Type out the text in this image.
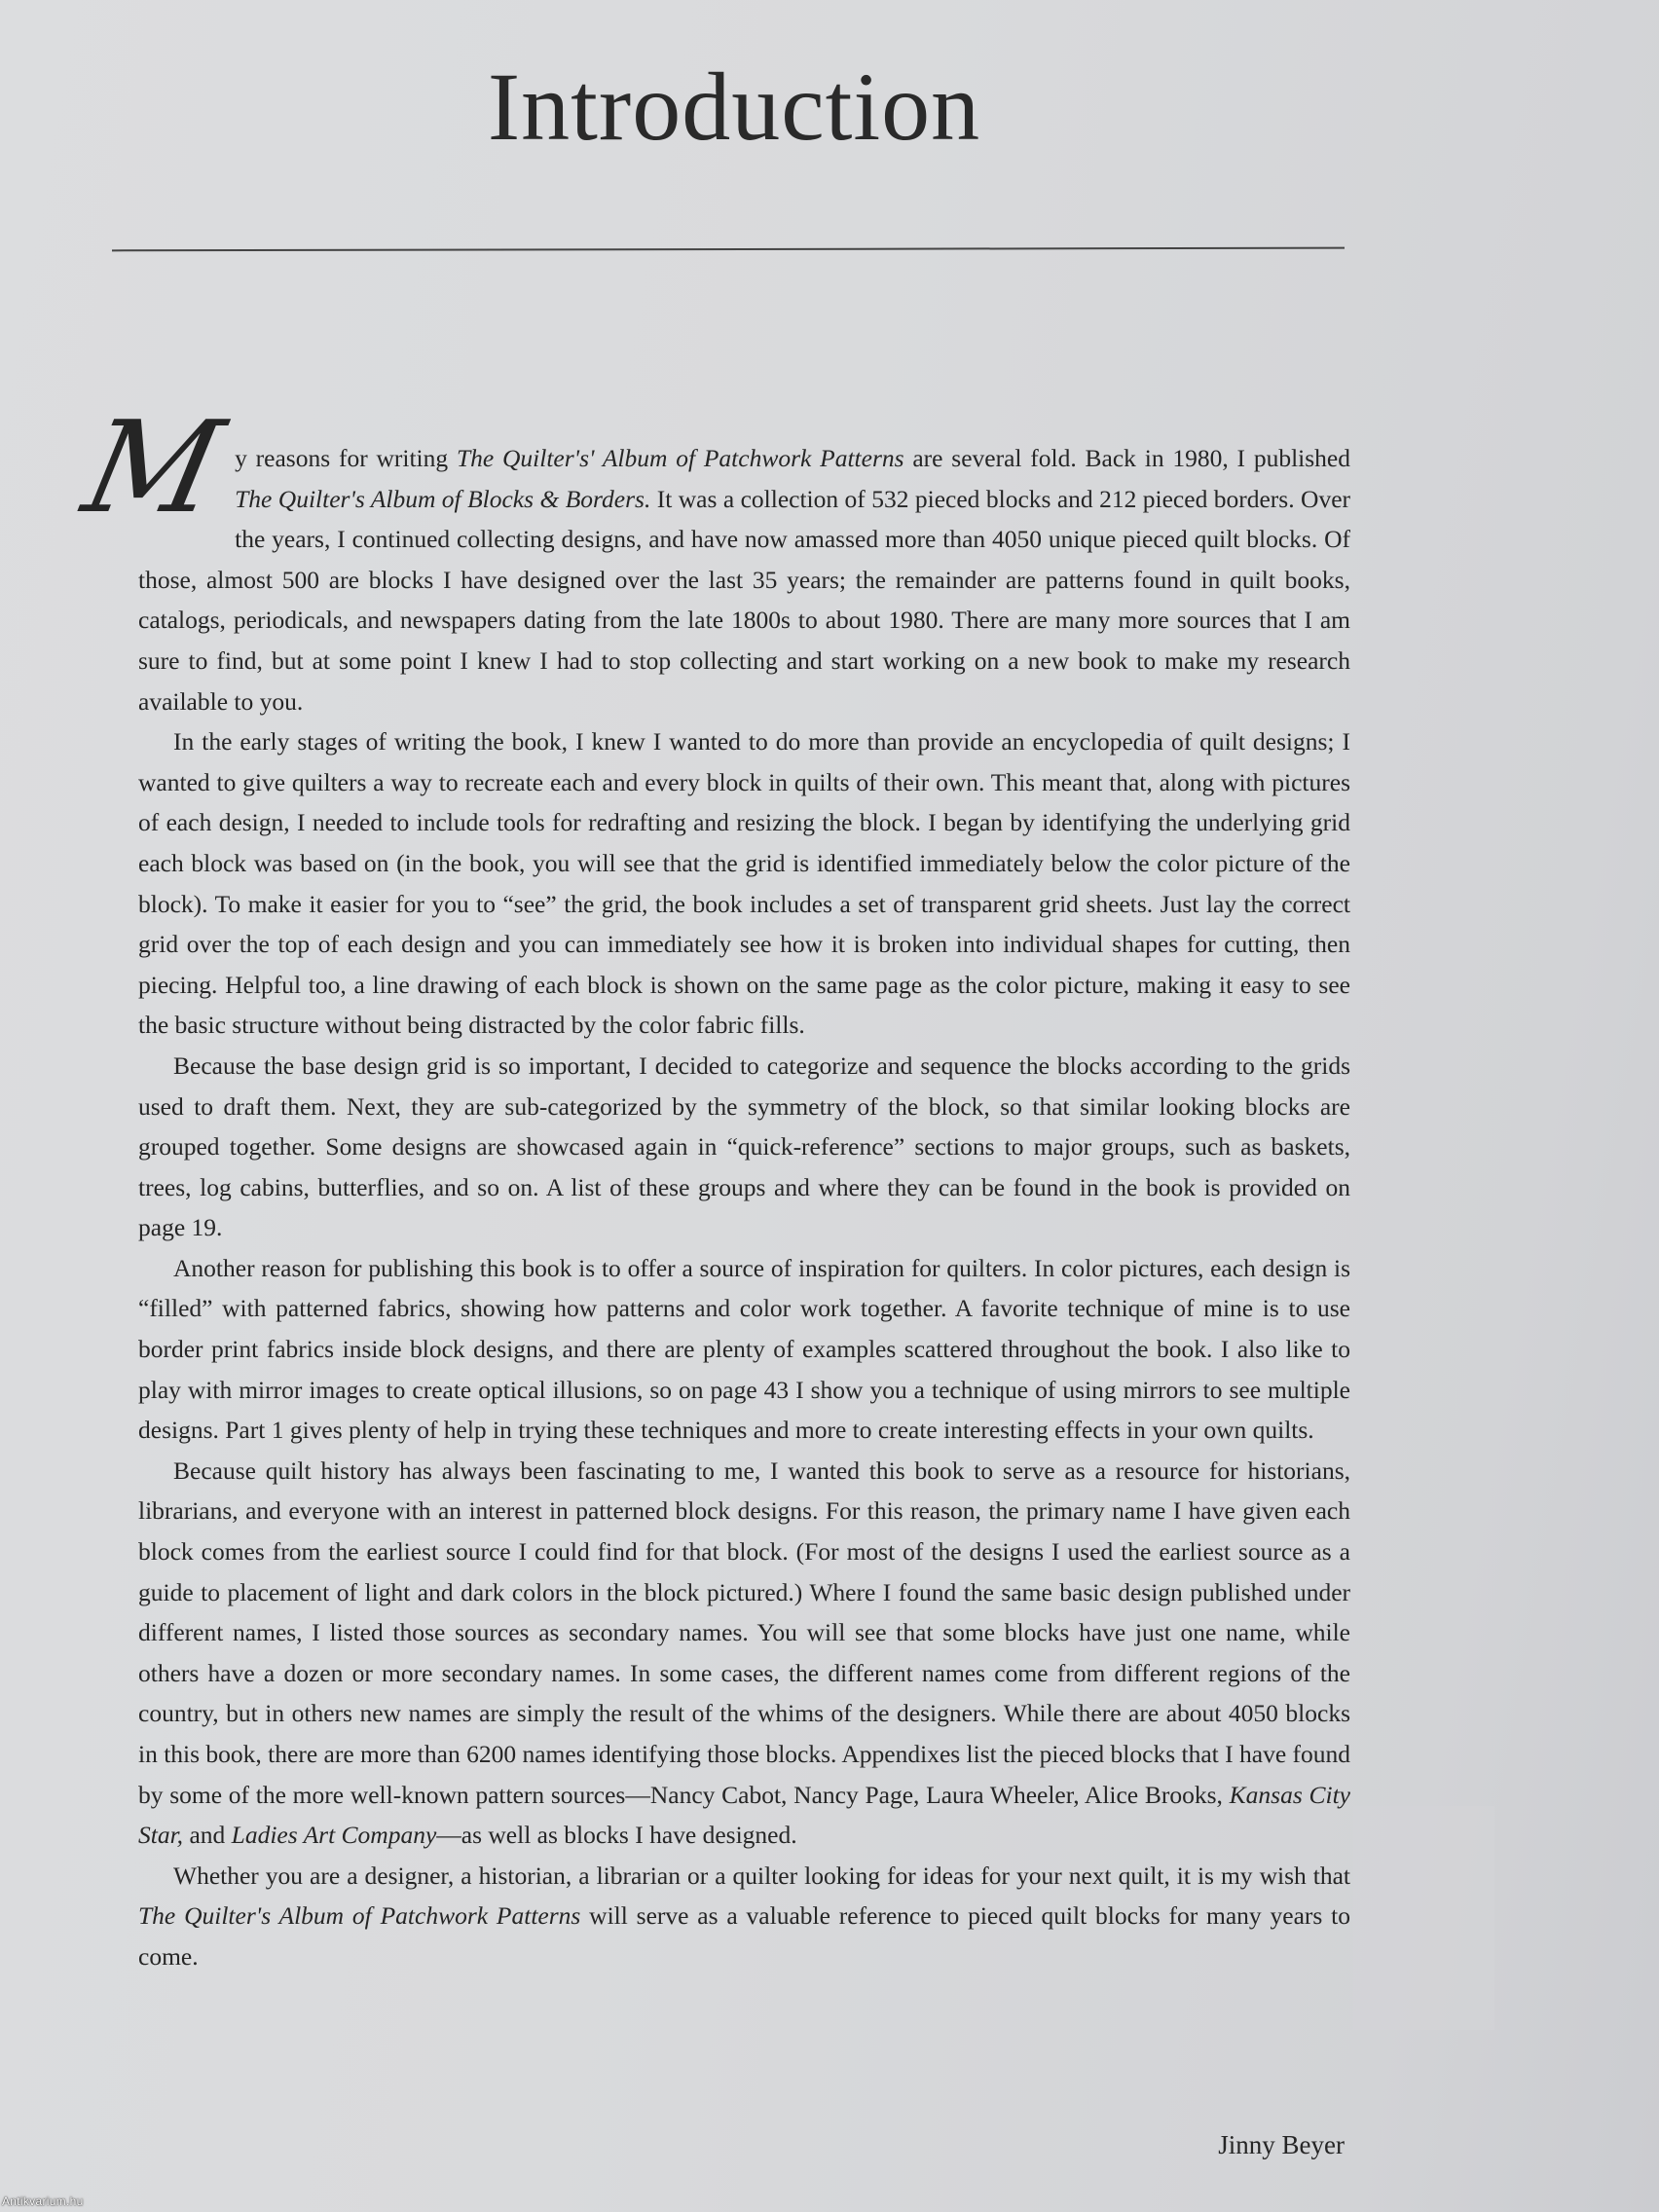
Introduction

My reasons for writing The Quilter's' Album of Patchwork Patterns are several fold. Back in 1980, I published The Quilter's Album of Blocks & Borders. It was a collection of 532 pieced blocks and 212 pieced borders. Over the years, I continued collecting designs, and have now amassed more than 4050 unique pieced quilt blocks. Of those, almost 500 are blocks I have designed over the last 35 years; the remainder are patterns found in quilt books, catalogs, periodicals, and newspapers dating from the late 1800s to about 1980. There are many more sources that I am sure to find, but at some point I knew I had to stop collecting and start working on a new book to make my research available to you.

In the early stages of writing the book, I knew I wanted to do more than provide an encyclopedia of quilt designs; I wanted to give quilters a way to recreate each and every block in quilts of their own. This meant that, along with pictures of each design, I needed to include tools for redrafting and resizing the block. I began by identifying the underlying grid each block was based on (in the book, you will see that the grid is identified immediately below the color picture of the block). To make it easier for you to “see” the grid, the book includes a set of transparent grid sheets. Just lay the correct grid over the top of each design and you can immediately see how it is broken into individual shapes for cutting, then piecing. Helpful too, a line drawing of each block is shown on the same page as the color picture, making it easy to see the basic structure without being distracted by the color fabric fills.

Because the base design grid is so important, I decided to categorize and sequence the blocks according to the grids used to draft them. Next, they are sub-categorized by the symmetry of the block, so that similar looking blocks are grouped together. Some designs are showcased again in “quick-reference” sections to major groups, such as baskets, trees, log cabins, butterflies, and so on. A list of these groups and where they can be found in the book is provided on page 19.

Another reason for publishing this book is to offer a source of inspiration for quilters. In color pictures, each design is “filled” with patterned fabrics, showing how patterns and color work together. A favorite technique of mine is to use border print fabrics inside block designs, and there are plenty of examples scattered throughout the book. I also like to play with mirror images to create optical illusions, so on page 43 I show you a technique of using mirrors to see multiple designs. Part 1 gives plenty of help in trying these techniques and more to create interesting effects in your own quilts.

Because quilt history has always been fascinating to me, I wanted this book to serve as a resource for historians, librarians, and everyone with an interest in patterned block designs. For this reason, the primary name I have given each block comes from the earliest source I could find for that block. (For most of the designs I used the earliest source as a guide to placement of light and dark colors in the block pictured.) Where I found the same basic design published under different names, I listed those sources as secondary names. You will see that some blocks have just one name, while others have a dozen or more secondary names. In some cases, the different names come from different regions of the country, but in others new names are simply the result of the whims of the designers. While there are about 4050 blocks in this book, there are more than 6200 names identifying those blocks. Appendixes list the pieced blocks that I have found by some of the more well-known pattern sources—Nancy Cabot, Nancy Page, Laura Wheeler, Alice Brooks, Kansas City Star, and Ladies Art Company—as well as blocks I have designed.

Whether you are a designer, a historian, a librarian or a quilter looking for ideas for your next quilt, it is my wish that The Quilter's Album of Patchwork Patterns will serve as a valuable reference to pieced quilt blocks for many years to come.

Jinny Beyer
Antikvarium.hu
